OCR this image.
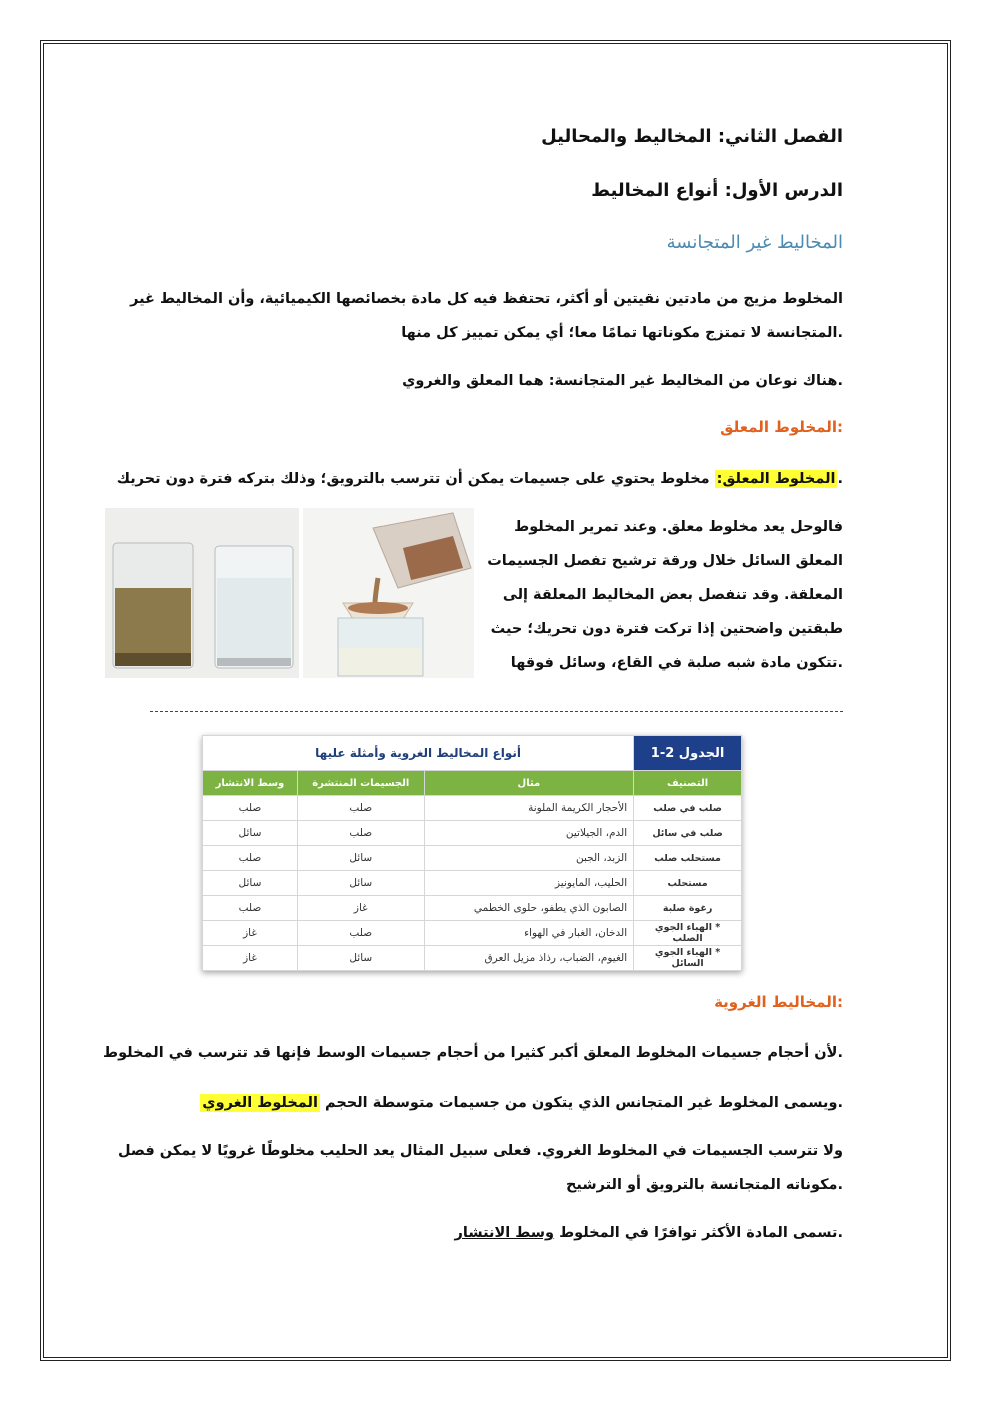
الفصل الثاني: المخاليط والمحاليل
الدرس الأول: أنواع المخاليط
المخاليط غير المتجانسة
المخلوط مزيج من مادتين نقيتين أو أكثر، تحتفظ فيه كل مادة بخصائصها الكيميائية، وأن المخاليط غير
المتجانسة لا تمتزج مكوناتها تمامًا معا؛ أي يمكن تمييز كل منها.
هناك نوعان من المخاليط غير المتجانسة: هما المعلق والغروي.
المخلوط المعلق:
المخلوط المعلق: مخلوط يحتوي على جسيمات يمكن أن تترسب بالترويق؛ وذلك بتركه فترة دون تحريك.
فالوحل يعد مخلوط معلق. وعند تمرير المخلوط
المعلق السائل خلال ورقة ترشيح تفصل الجسيمات
المعلقة. وقد تنفصل بعض المخاليط المعلقة إلى
طبقتين واضحتين إذا تركت فترة دون تحريك؛ حيث
تتكون مادة شبه صلبة في القاع، وسائل فوقها.
الجدول 2-1	أنواع المخاليط الغروية وأمثلة عليها		
التصنيف	مثال	الجسيمات المنتشرة	وسط الانتشار
صلب في صلب	الأحجار الكريمة الملونة	صلب	صلب
صلب في سائل	الدم، الجيلاتين	صلب	سائل
مستحلب صلب	الزبد، الجبن	سائل	صلب
مستحلب	الحليب، المايونيز	سائل	سائل
رغوة صلبة	الصابون الذي يطفو، حلوى الخطمي	غاز	صلب
* الهباء الجوي الصلب	الدخان، الغبار في الهواء	صلب	غاز
* الهباء الجوي السائل	الغيوم، الضباب، رذاذ مزيل العرق	سائل	غاز
المخاليط الغروية:
لأن أحجام جسيمات المخلوط المعلق أكبر كثيرا من أحجام جسيمات الوسط فإنها قد تترسب في المخلوط.
ويسمى المخلوط غير المتجانس الذي يتكون من جسيمات متوسطة الحجم المخلوط الغروي	.
ولا تترسب الجسيمات في المخلوط الغروي. فعلى سبيل المثال يعد الحليب مخلوطًا غرويًا لا يمكن فصل
مكوناته المتجانسة بالترويق أو الترشيح.
تسمى المادة الأكثر توافرًا في المخلوط وسط الانتشار	.
